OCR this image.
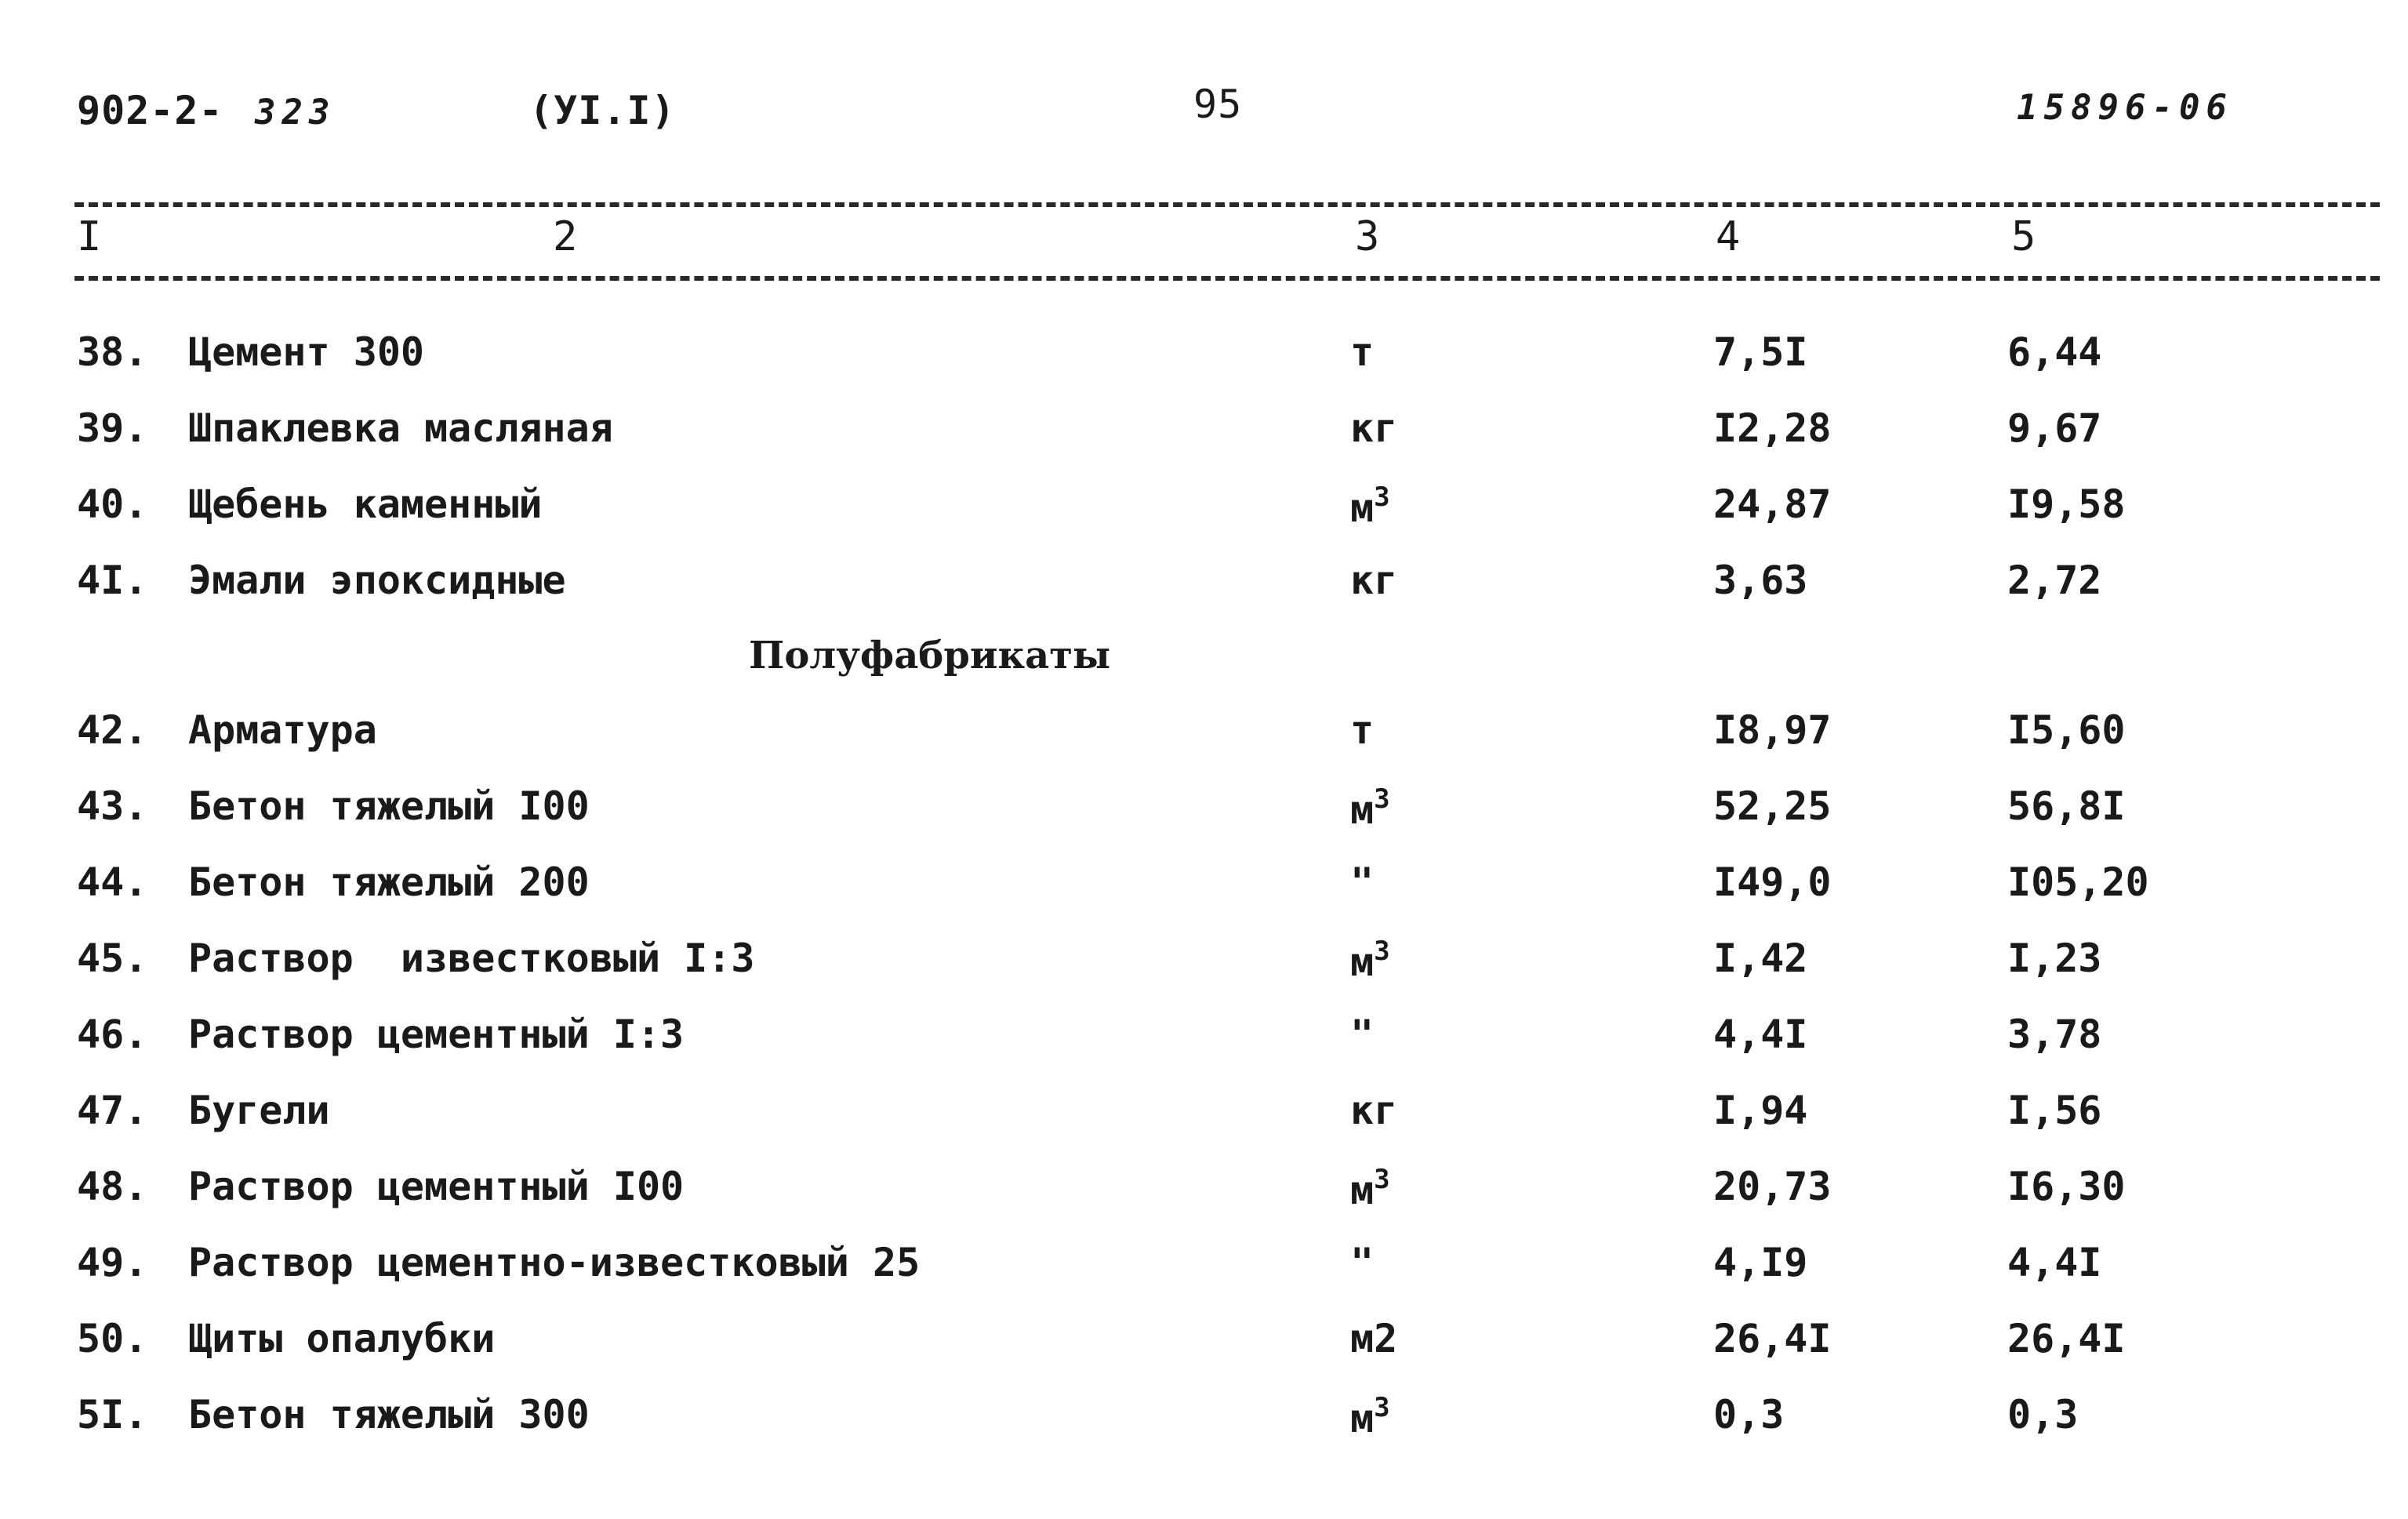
902-2- 323	(УI.I)	95	15896-06
I	2	3	4	5
38. Цемент 300	т	7,5I	6,44
39. Шпаклевка масляная	кг	I2,28	9,67
40. Щебень каменный	$м^3$	24,87	I9,58
4I. Эмали эпоксидные	кг	3,63	2,72
Полуфабрикаты
42. Арматура	т	I8,97	I5,60
43. Бетон тяжелый I00	$м^3$	52,25	56,8I
44. Бетон тяжелый 200	"	I49,0	I05,20
45. Раствор  известковый I:3	$м^3$	I,42	I,23
46. Раствор цементный I:3	"	4,4I	3,78
47. Бугели	кг	I,94	I,56
48. Раствор цементный I00	$м^3$	20,73	I6,30
49. Раствор цементно-известковый 25	"	4,I9	4,4I
50. Щиты опалубки	м2	26,4I	26,4I
5I. Бетон тяжелый 300	$м^3$	0,3	0,3
